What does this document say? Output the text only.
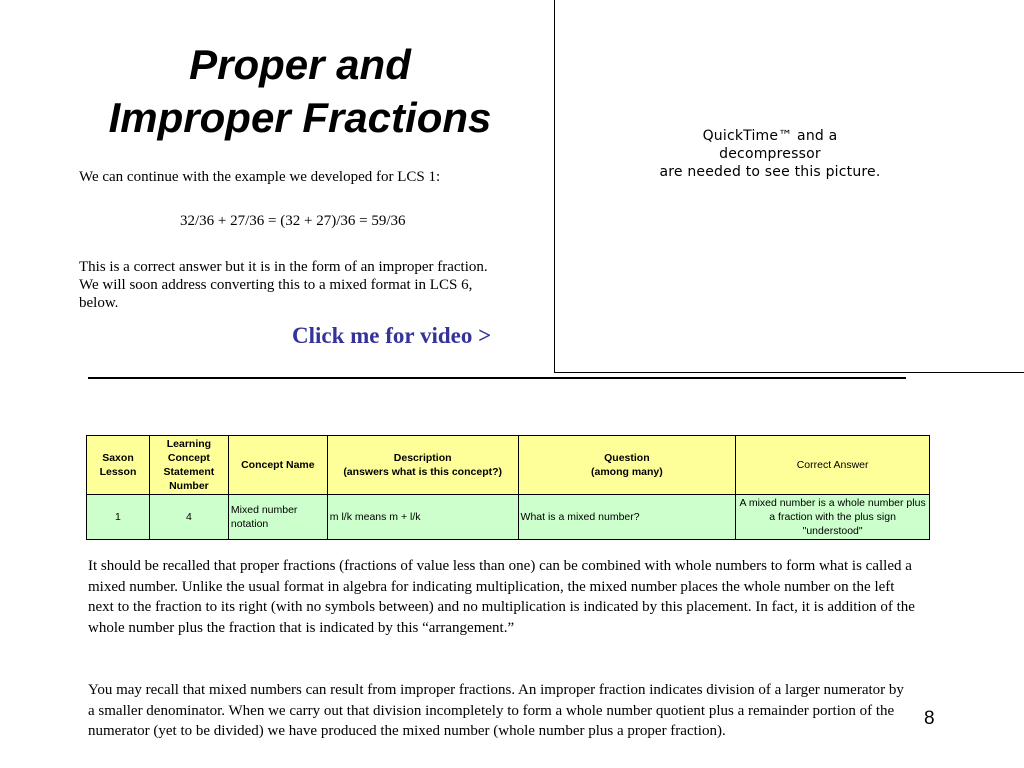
Proper and
Improper Fractions	QuickTime™ and a
decompressor
are needed to see this picture.
We can continue with the example we developed for LCS 1:
32/36 + 27/36 = (32 + 27)/36 = 59/36
This is a correct answer but it is in the form of an improper fraction. We will soon address converting this to a mixed format in LCS 6, below.
Click me for video >
Saxon
Lesson	Learning
Concept
Statement
Number	Concept Name	Description
(answers what is this concept?)	Question
(among many)	Correct Answer
1	4	Mixed number notation	m l/k means m + l/k	What is a mixed number?	A mixed number is a whole number plus a fraction with the plus sign "understood"
It should be recalled that proper fractions (fractions of value less than one) can be combined with whole numbers to form what is called a mixed number. Unlike the usual format in algebra for indicating multiplication, the mixed number places the whole number on the left next to the fraction to its right (with no symbols between) and no multiplication is indicated by this placement. In fact, it is addition of the whole number plus the fraction that is indicated by this “arrangement.”
You may recall that mixed numbers can result from improper fractions. An improper fraction indicates division of a larger numerator by a smaller denominator. When we carry out that division incompletely to form a whole number quotient plus a remainder portion of the numerator (yet to be divided) we have produced the mixed number (whole number plus a proper fraction).
8
